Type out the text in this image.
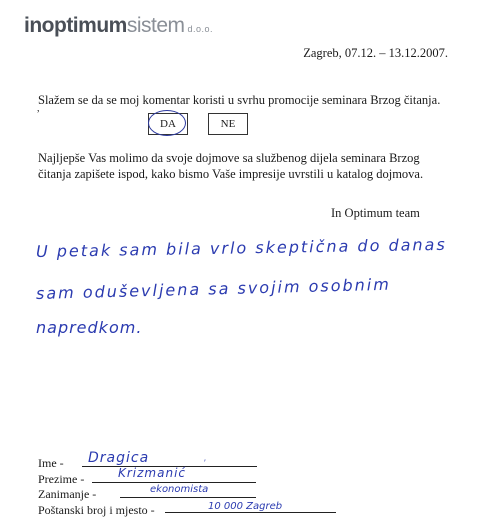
inoptimumsistem d.o.o.
Zagreb, 07.12. – 13.12.2007.
Slažem se da se moj komentar koristi u svrhu promocije seminara Brzog čitanja.
,
DA	NE
Najljepše Vas molimo da svoje dojmove sa službenog dijela seminara Brzog čitanja zapišete ispod, kako bismo Vaše impresije uvrstili u katalog dojmova.
In Optimum team
U petak sam bila vrlo skeptična do danas
sam oduševljena sa svojim osobnim
napredkom.
Ime - Dragica	′
Prezime -	Krizmanić
Zanimanje -	ekonomista
Poštanski broj i mjesto -	10 000 Zagreb
